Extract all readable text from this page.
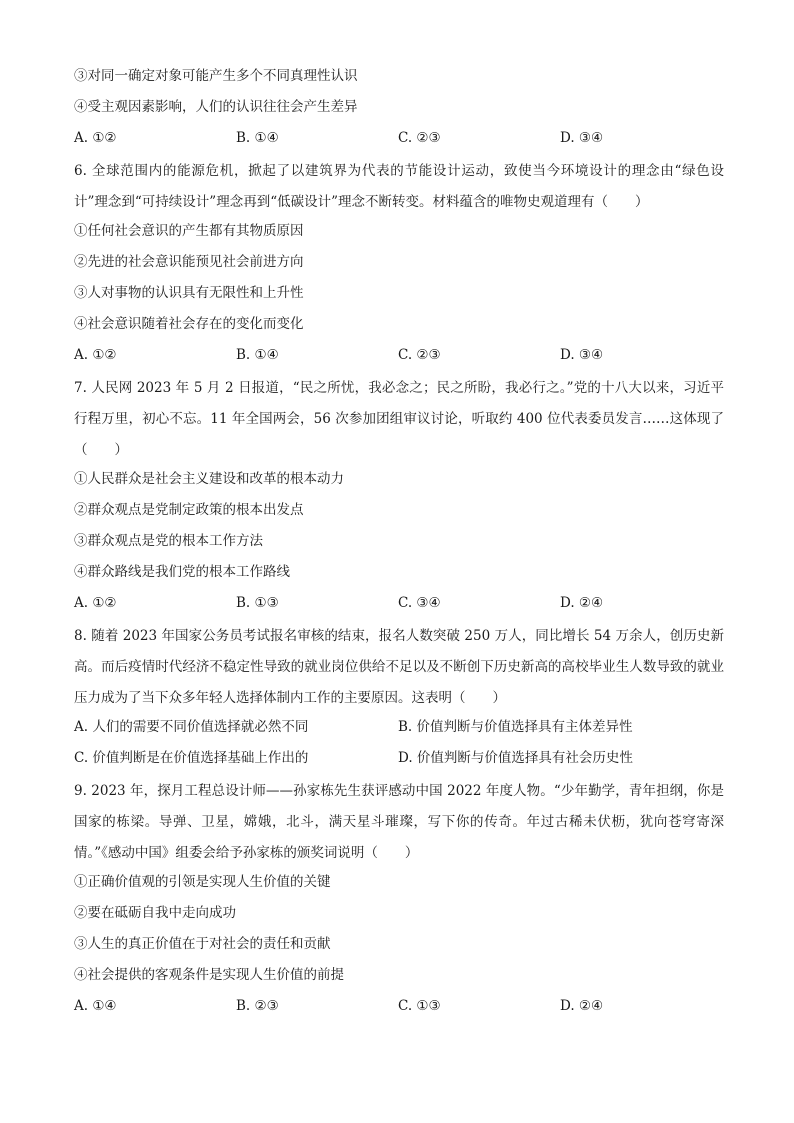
③对同一确定对象可能产生多个不同真理性认识
④受主观因素影响，人们的认识往往会产生差异
A. ①②	B. ①④	C. ②③	D. ③④
6. 全球范围内的能源危机，掀起了以建筑界为代表的节能设计运动，致使当今环境设计的理念由“绿色设计”理念到“可持续设计”理念再到“低碳设计”理念不断转变。材料蕴含的唯物史观道理有（　　）
①任何社会意识的产生都有其物质原因
②先进的社会意识能预见社会前进方向
③人对事物的认识具有无限性和上升性
④社会意识随着社会存在的变化而变化
A. ①②	B. ①④	C. ②③	D. ③④
7. 人民网 2023 年 5 月 2 日报道，“民之所忧，我必念之；民之所盼，我必行之。”党的十八大以来，习近平行程万里，初心不忘。11 年全国两会，56 次参加团组审议讨论，听取约 400 位代表委员发言……这体现了（　　）
①人民群众是社会主义建设和改革的根本动力
②群众观点是党制定政策的根本出发点
③群众观点是党的根本工作方法
④群众路线是我们党的根本工作路线
A. ①②	B. ①③	C. ③④	D. ②④
8. 随着 2023 年国家公务员考试报名审核的结束，报名人数突破 250 万人，同比增长 54 万余人，创历史新高。而后疫情时代经济不稳定性导致的就业岗位供给不足以及不断创下历史新高的高校毕业生人数导致的就业压力成为了当下众多年轻人选择体制内工作的主要原因。这表明（　　）
A. 人们的需要不同价值选择就必然不同	B. 价值判断与价值选择具有主体差异性
C. 价值判断是在价值选择基础上作出的	D. 价值判断与价值选择具有社会历史性
9. 2023 年，探月工程总设计师——孙家栋先生获评感动中国 2022 年度人物。“少年勤学，青年担纲，你是国家的栋梁。导弹、卫星，嫦娥，北斗，满天星斗璀璨，写下你的传奇。年过古稀未伏枥，犹向苍穹寄深情。”《感动中国》组委会给予孙家栋的颁奖词说明（　　）
①正确价值观的引领是实现人生价值的关键
②要在砥砺自我中走向成功
③人生的真正价值在于对社会的责任和贡献
④社会提供的客观条件是实现人生价值的前提
A. ①④	B. ②③	C. ①③	D. ②④
